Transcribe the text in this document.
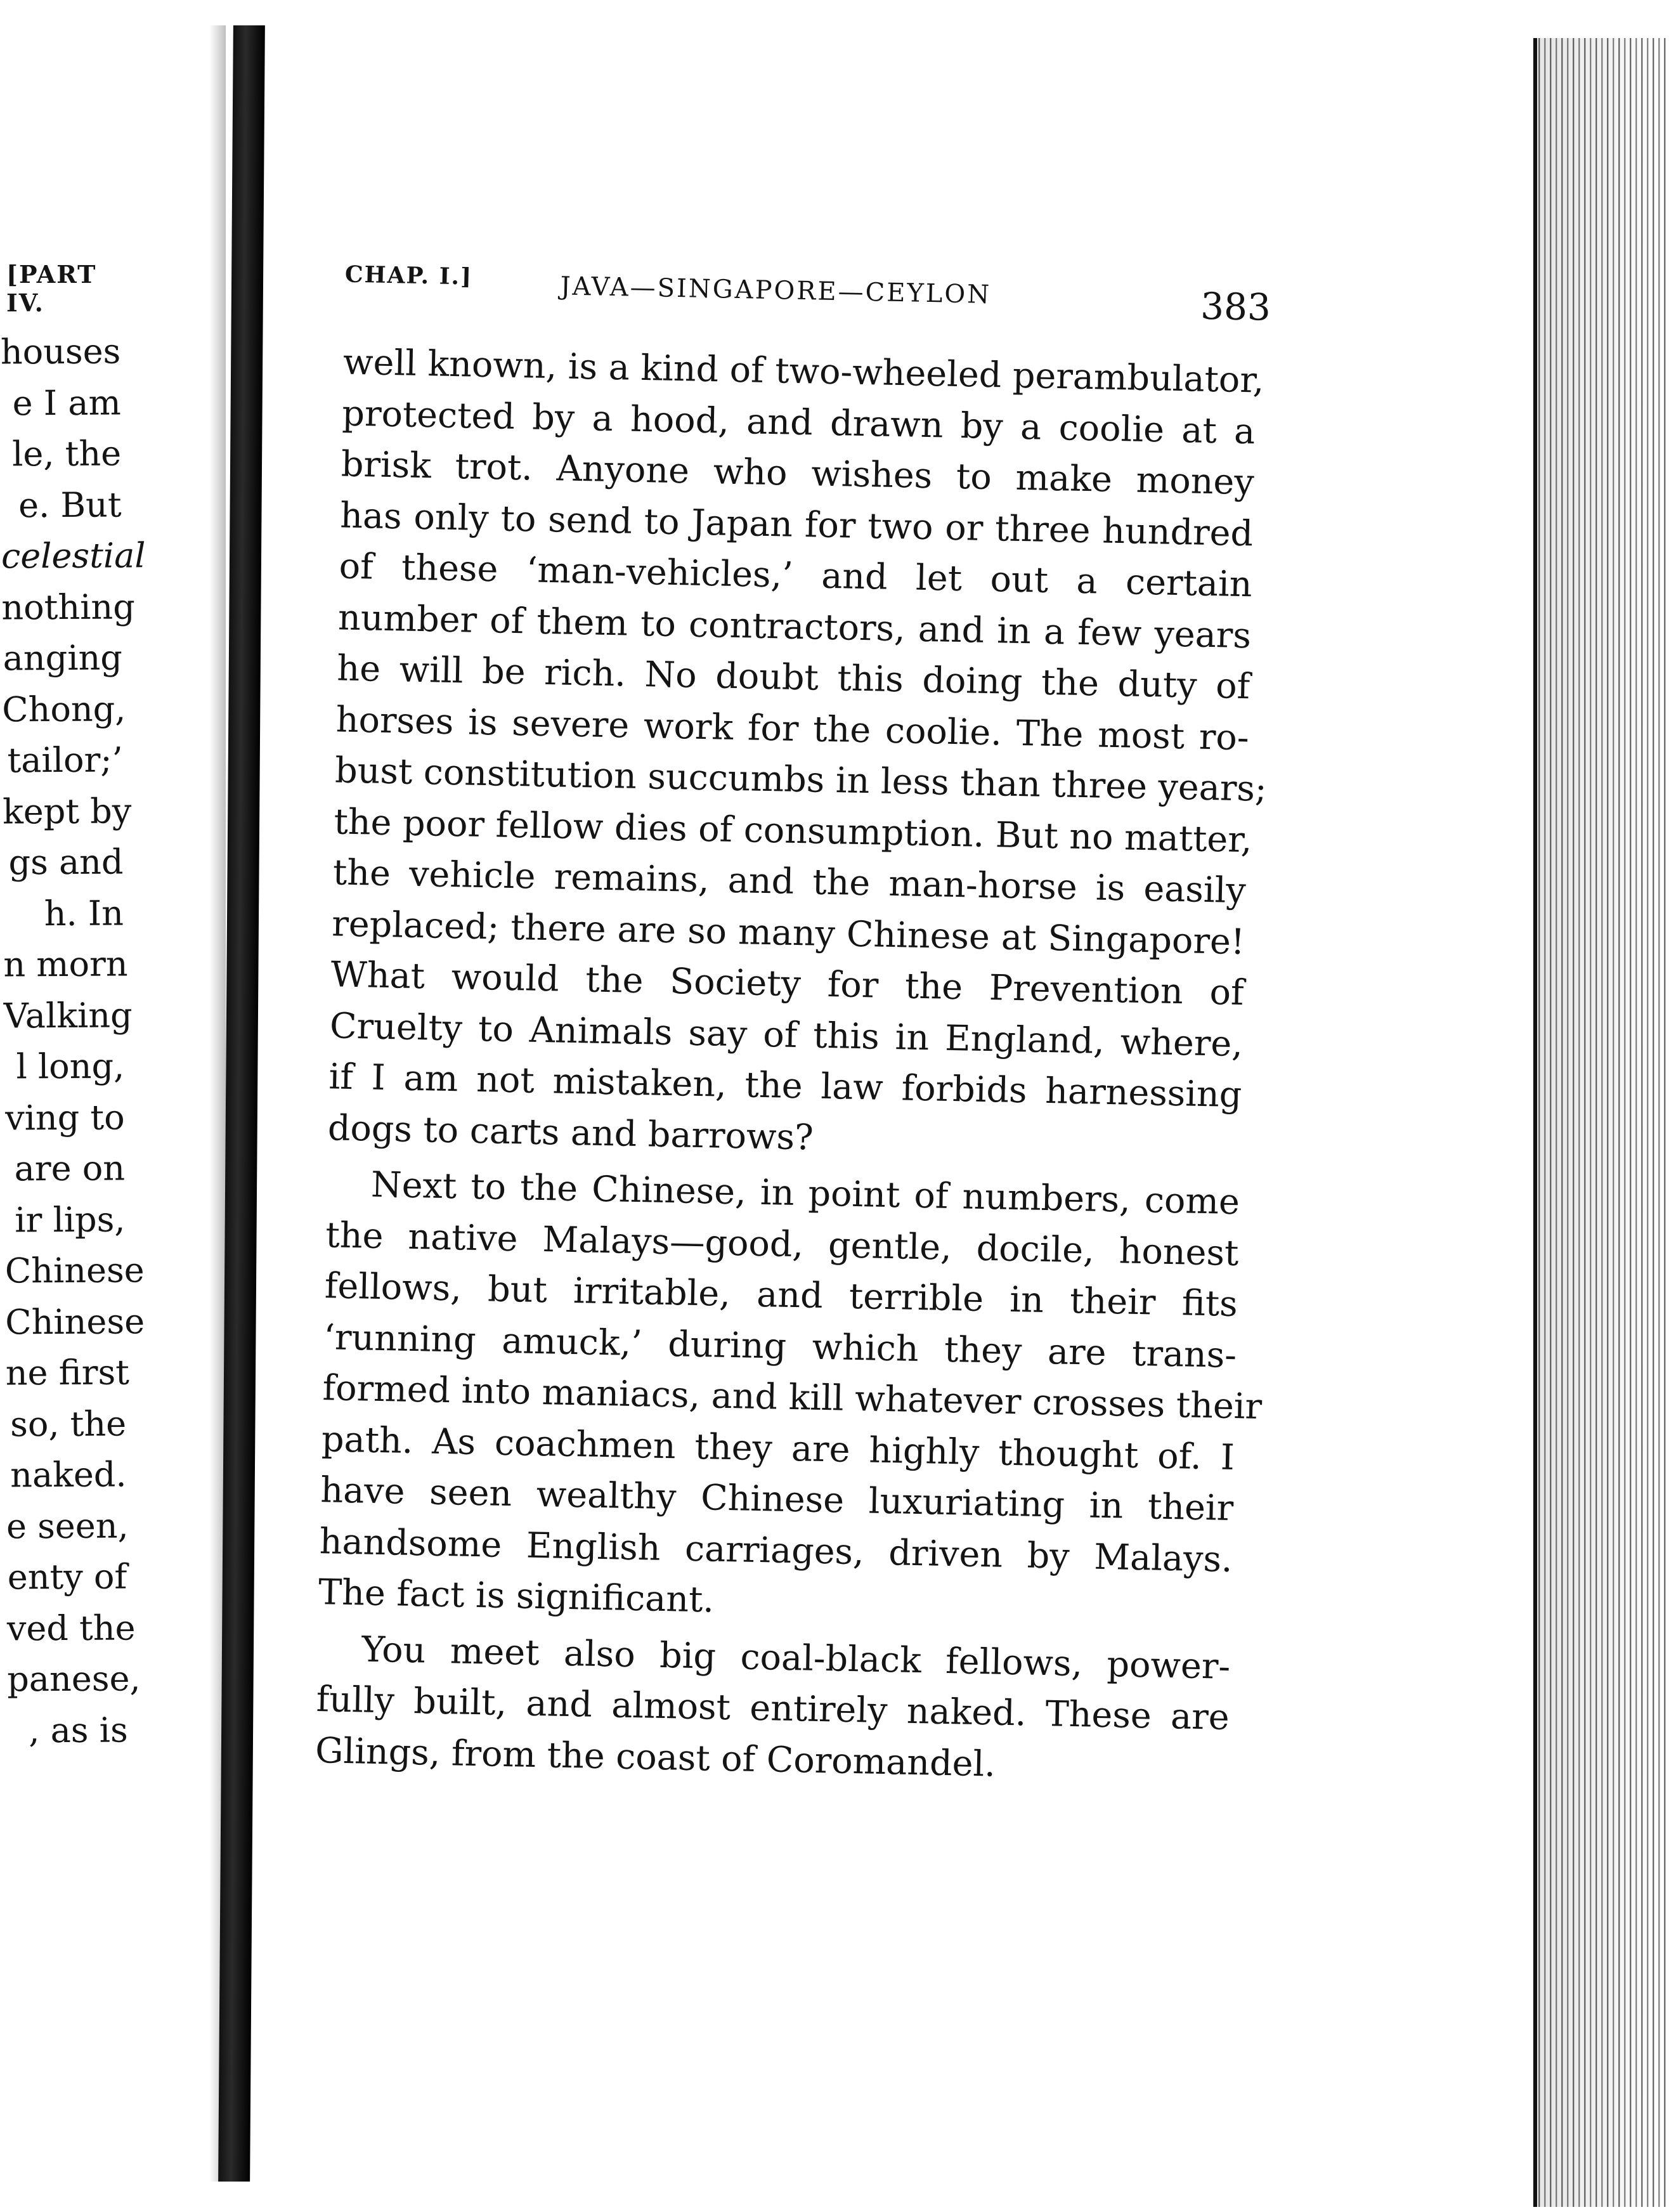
[PART IV.
houses
e I am
le, the
e. But
celestial
nothing
anging
Chong,
tailor;’
kept by
gs and
h. In
n morn
Valking
l long,
ving to
are on
ir lips,
Chinese
Chinese
ne first
so, the
naked.
e seen,
enty of
ved the
panese,
, as is
CHAP. I.]	JAVA—SINGAPORE—CEYLON	383
well known, is a kind of two-wheeled perambulator,
protected by a hood, and drawn by a coolie at a
brisk trot. Anyone who wishes to make money
has only to send to Japan for two or three hundred
of these ‘man-vehicles,’ and let out a certain
number of them to contractors, and in a few years
he will be rich. No doubt this doing the duty of
horses is severe work for the coolie. The most ro-
bust constitution succumbs in less than three years;
the poor fellow dies of consumption. But no matter,
the vehicle remains, and the man-horse is easily
replaced; there are so many Chinese at Singapore!
What would the Society for the Prevention of
Cruelty to Animals say of this in England, where,
if I am not mistaken, the law forbids harnessing
dogs to carts and barrows?
Next to the Chinese, in point of numbers, come
the native Malays—good, gentle, docile, honest
fellows, but irritable, and terrible in their fits
‘running amuck,’ during which they are trans-
formed into maniacs, and kill whatever crosses their
path. As coachmen they are highly thought of. I
have seen wealthy Chinese luxuriating in their
handsome English carriages, driven by Malays.
The fact is significant.
You meet also big coal-black fellows, power-
fully built, and almost entirely naked. These are
Glings, from the coast of Coromandel.
